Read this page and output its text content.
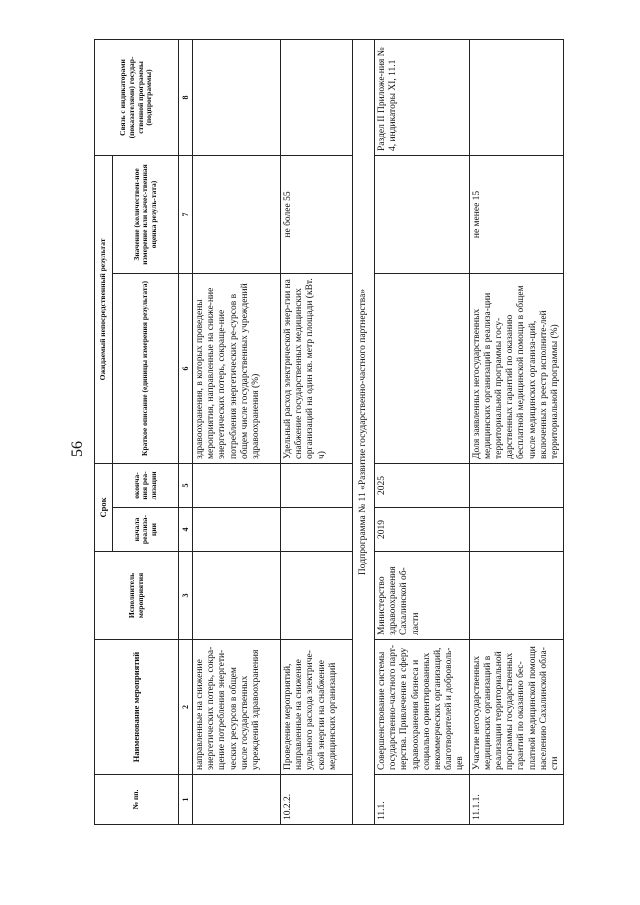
56
№ пп.	Наименование мероприятий	Исполнитель мероприятия	Срок		Ожидаемый непосредственный результат		Связь с индикаторами (показателями) государ-ственной программы (подпрограммы)
			начала реализа-ции	оконча-ния реа-лизации	Краткое описание (единицы измерения результата)	Значение (количествен-ное измерение или качес-твенная оценка резуль-тата)	
1	2	3	4	5	6	7	8
	направленные на снижение энергетических потерь, сокра-щение потребления энергети-ческих ресурсов в общем числе государственных учреждений здравоохранения				здравоохранения, в которых проведены мероприятия, направленные на сниже-ние энергетических потерь, сокраще-ние потребления энергетических ре-сурсов в общем числе государственных учреждений здравоохранения (%)		
10.2.2.	Проведение мероприятий, направленные на снижение удельного расхода электриче-ской энергии на снабжение медицинских организаций				Удельный расход электрической энер-гии на снабжение государственных медицинских организаций на один кв. метр площади (кВт. ч)	не более 55	
Подпрограмма № 11 «Развитие государственно-частного партнерства»							
11.1.	Совершенствование системы государственно-частного парт-нерства. Привлечение в сферу здравоохранения бизнеса и социально ориентированных некоммерческих организаций, благотворителей и доброволь-цев	Министерство здравоохранения Сахалинской об-ласти	2019	2025			Раздел II Приложе-ния № 4, индикаторы XI, 11.1
11.1.1.	Участие негосударственных медицинских организаций в реализации территориальной программы государственных гарантий по оказанию бес-платной медицинской помощи населению Сахалинской обла-сти				Доля заявленных негосударственных медицинских организаций в реализа-ции территориальной программы госу-дарственных гарантий по оказанию бесплатной медицинской помощи в общем числе медицинских организа-ций, включенных в реестр исполните-лей территориальной программы (%)	не менее 15	
